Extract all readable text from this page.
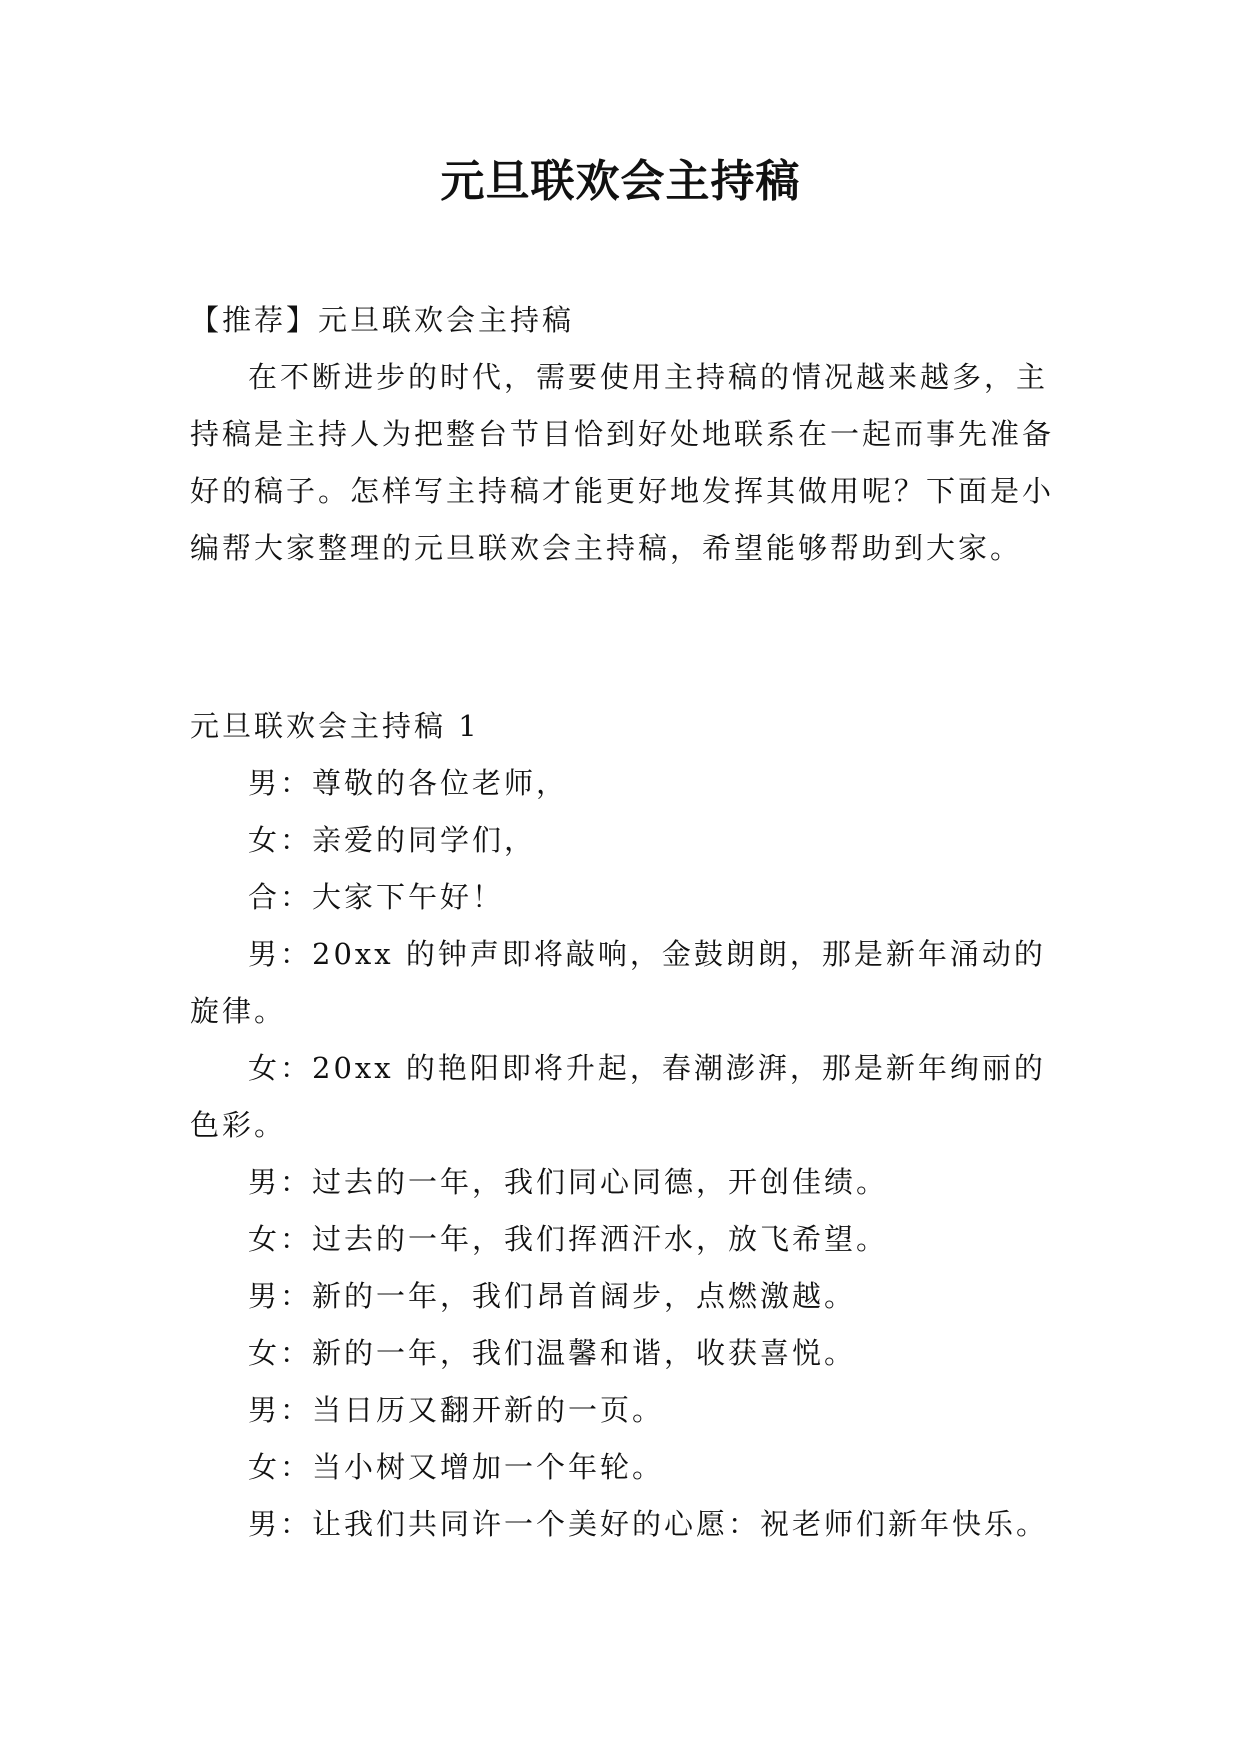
元旦联欢会主持稿

【推荐】元旦联欢会主持稿

在不断进步的时代，需要使用主持稿的情况越来越多，主持稿是主持人为把整台节目恰到好处地联系在一起而事先准备好的稿子。怎样写主持稿才能更好地发挥其做用呢？下面是小编帮大家整理的元旦联欢会主持稿，希望能够帮助到大家。

元旦联欢会主持稿 1

男：尊敬的各位老师，

女：亲爱的同学们，

合：大家下午好！

男：20xx 的钟声即将敲响，金鼓朗朗，那是新年涌动的旋律。

女：20xx 的艳阳即将升起，春潮澎湃，那是新年绚丽的色彩。

男：过去的一年，我们同心同德，开创佳绩。

女：过去的一年，我们挥洒汗水，放飞希望。

男：新的一年，我们昂首阔步，点燃激越。

女：新的一年，我们温馨和谐，收获喜悦。

男：当日历又翻开新的一页。

女：当小树又增加一个年轮。

男：让我们共同许一个美好的心愿：祝老师们新年快乐。
